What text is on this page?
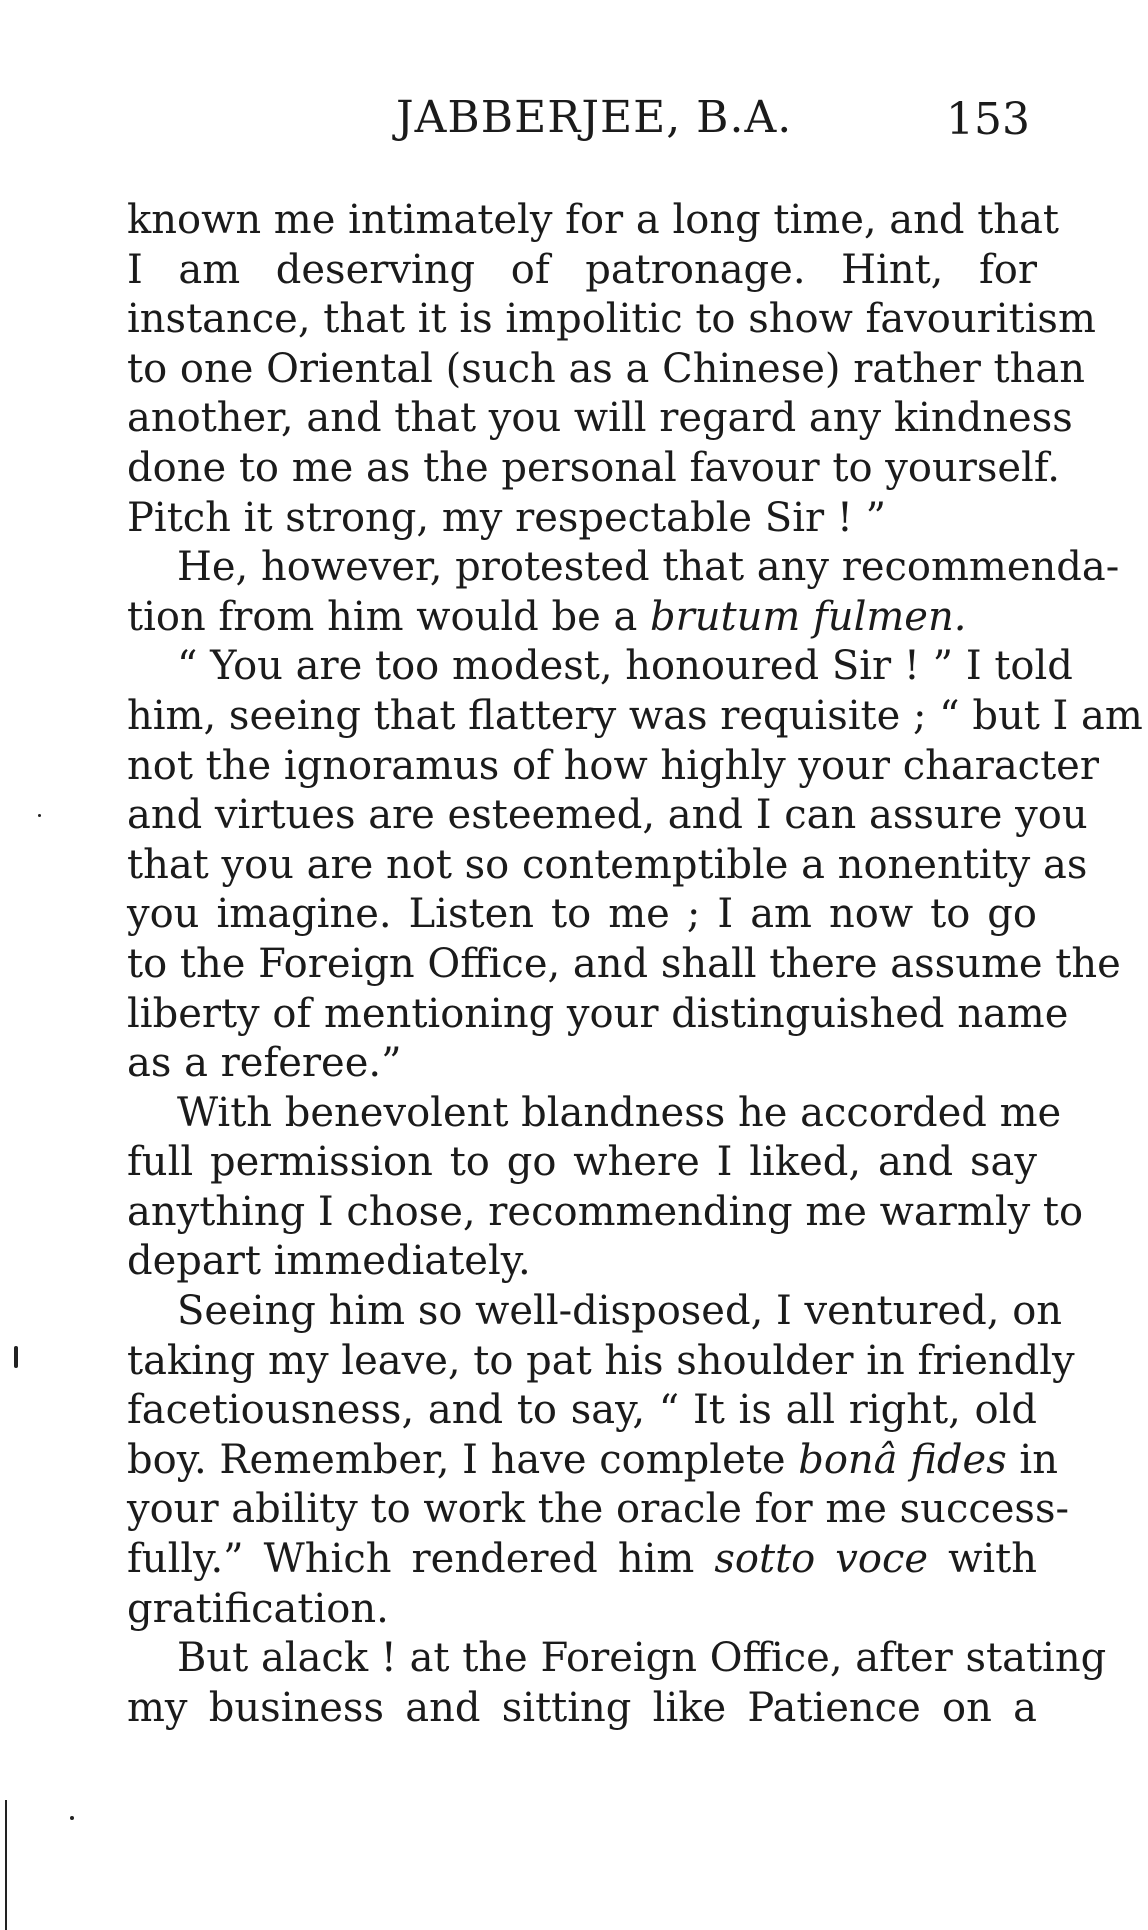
JABBERJEE, B.A.	153
known me intimately for a long time, and that
I am deserving of patronage. Hint, for
instance, that it is impolitic to show favouritism
to one Oriental (such as a Chinese) rather than
another, and that you will regard any kindness
done to me as the personal favour to yourself.
Pitch it strong, my respectable Sir ! ”
He, however, protested that any recommenda-
tion from him would be a brutum fulmen.
“ You are too modest, honoured Sir ! ” I told
him, seeing that flattery was requisite ; “ but I am
not the ignoramus of how highly your character
and virtues are esteemed, and I can assure you
that you are not so contemptible a nonentity as
you imagine. Listen to me ; I am now to go
to the Foreign Office, and shall there assume the
liberty of mentioning your distinguished name
as a referee.”
With benevolent blandness he accorded me
full permission to go where I liked, and say
anything I chose, recommending me warmly to
depart immediately.
Seeing him so well-disposed, I ventured, on
taking my leave, to pat his shoulder in friendly
facetiousness, and to say, “ It is all right, old
boy. Remember, I have complete bonâ fides in
your ability to work the oracle for me success-
fully.” Which rendered him sotto voce with
gratification.
But alack ! at the Foreign Office, after stating
my business and sitting like Patience on a
